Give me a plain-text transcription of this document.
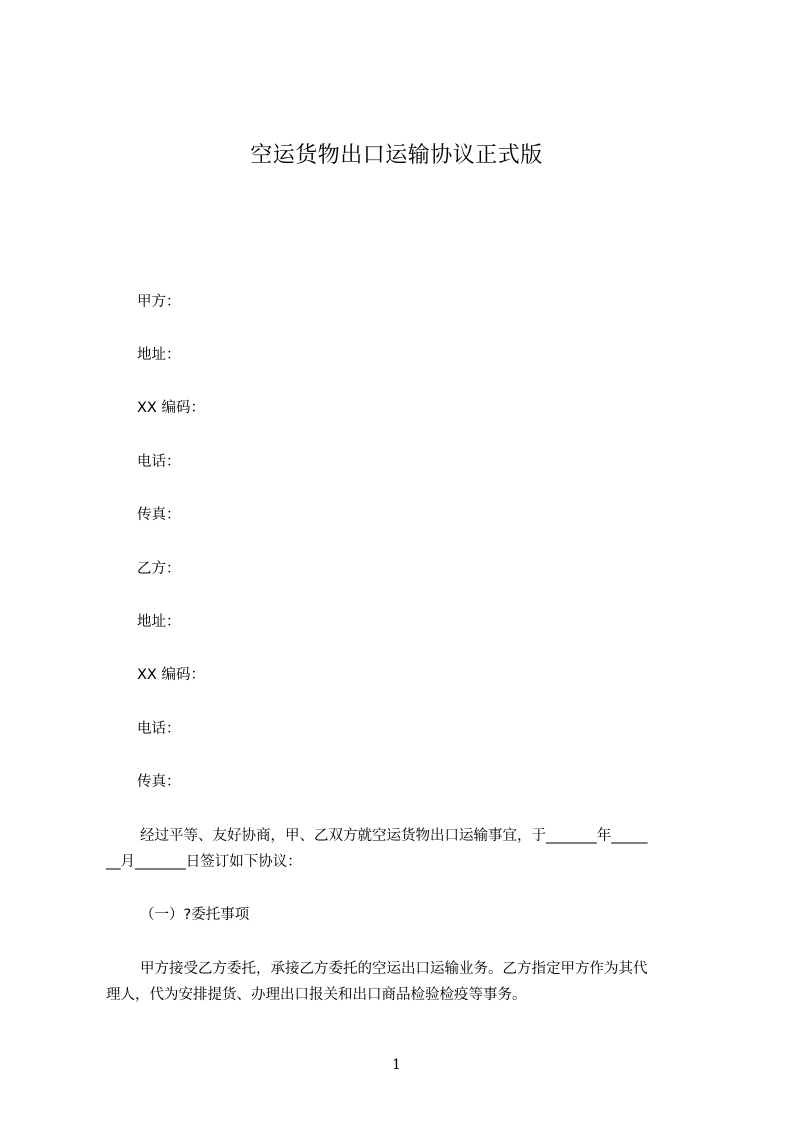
空运货物出口运输协议正式版
甲方：
地址：
XX 编码：
电话：
传真：
乙方：
地址：
XX 编码：
电话：
传真：
经过平等、友好协商，甲、乙双方就空运货物出口运输事宜，于_______年_____
__月_______日签订如下协议：
（一）?委托事项
甲方接受乙方委托，承接乙方委托的空运出口运输业务。乙方指定甲方作为其代
理人，代为安排提货、办理出口报关和出口商品检验检疫等事务。
1
